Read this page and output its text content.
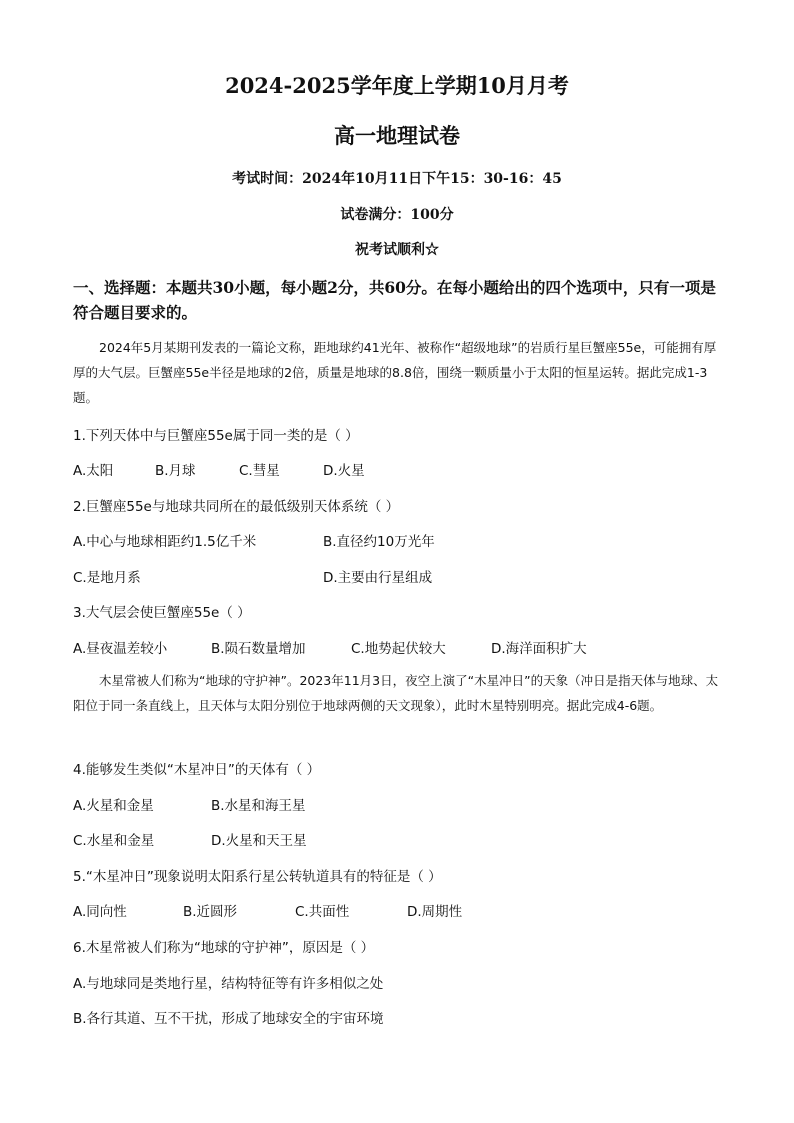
2024-2025学年度上学期10月月考
高一地理试卷
考试时间：2024年10月11日下午15：30-16：45
试卷满分：100分
祝考试顺利☆
一、选择题：本题共30小题，每小题2分，共60分。在每小题给出的四个选项中，只有一项是符合题目要求的。
2024年5月某期刊发表的一篇论文称，距地球约41光年、被称作“超级地球”的岩质行星巨蟹座55e，可能拥有厚厚的大气层。巨蟹座55e半径是地球的2倍，质量是地球的8.8倍，围绕一颗质量小于太阳的恒星运转。据此完成1-3题。
1.下列天体中与巨蟹座55e属于同一类的是（ ）
A.太阳	B.月球	C.彗星	D.火星
2.巨蟹座55e与地球共同所在的最低级别天体系统（ ）
A.中心与地球相距约1.5亿千米	B.直径约10万光年
C.是地月系	D.主要由行星组成
3.大气层会使巨蟹座55e（ ）
A.昼夜温差较小	B.陨石数量增加	C.地势起伏较大	D.海洋面积扩大
木星常被人们称为“地球的守护神”。2023年11月3日，夜空上演了“木星冲日”的天象（冲日是指天体与地球、太阳位于同一条直线上，且天体与太阳分别位于地球两侧的天文现象），此时木星特别明亮。据此完成4-6题。
4.能够发生类似“木星冲日”的天体有（ ）
A.火星和金星	B.水星和海王星
C.水星和金星	D.火星和天王星
5.“木星冲日”现象说明太阳系行星公转轨道具有的特征是（ ）
A.同向性	B.近圆形	C.共面性	D.周期性
6.木星常被人们称为“地球的守护神”，原因是（ ）
A.与地球同是类地行星，结构特征等有许多相似之处
B.各行其道、互不干扰，形成了地球安全的宇宙环境
